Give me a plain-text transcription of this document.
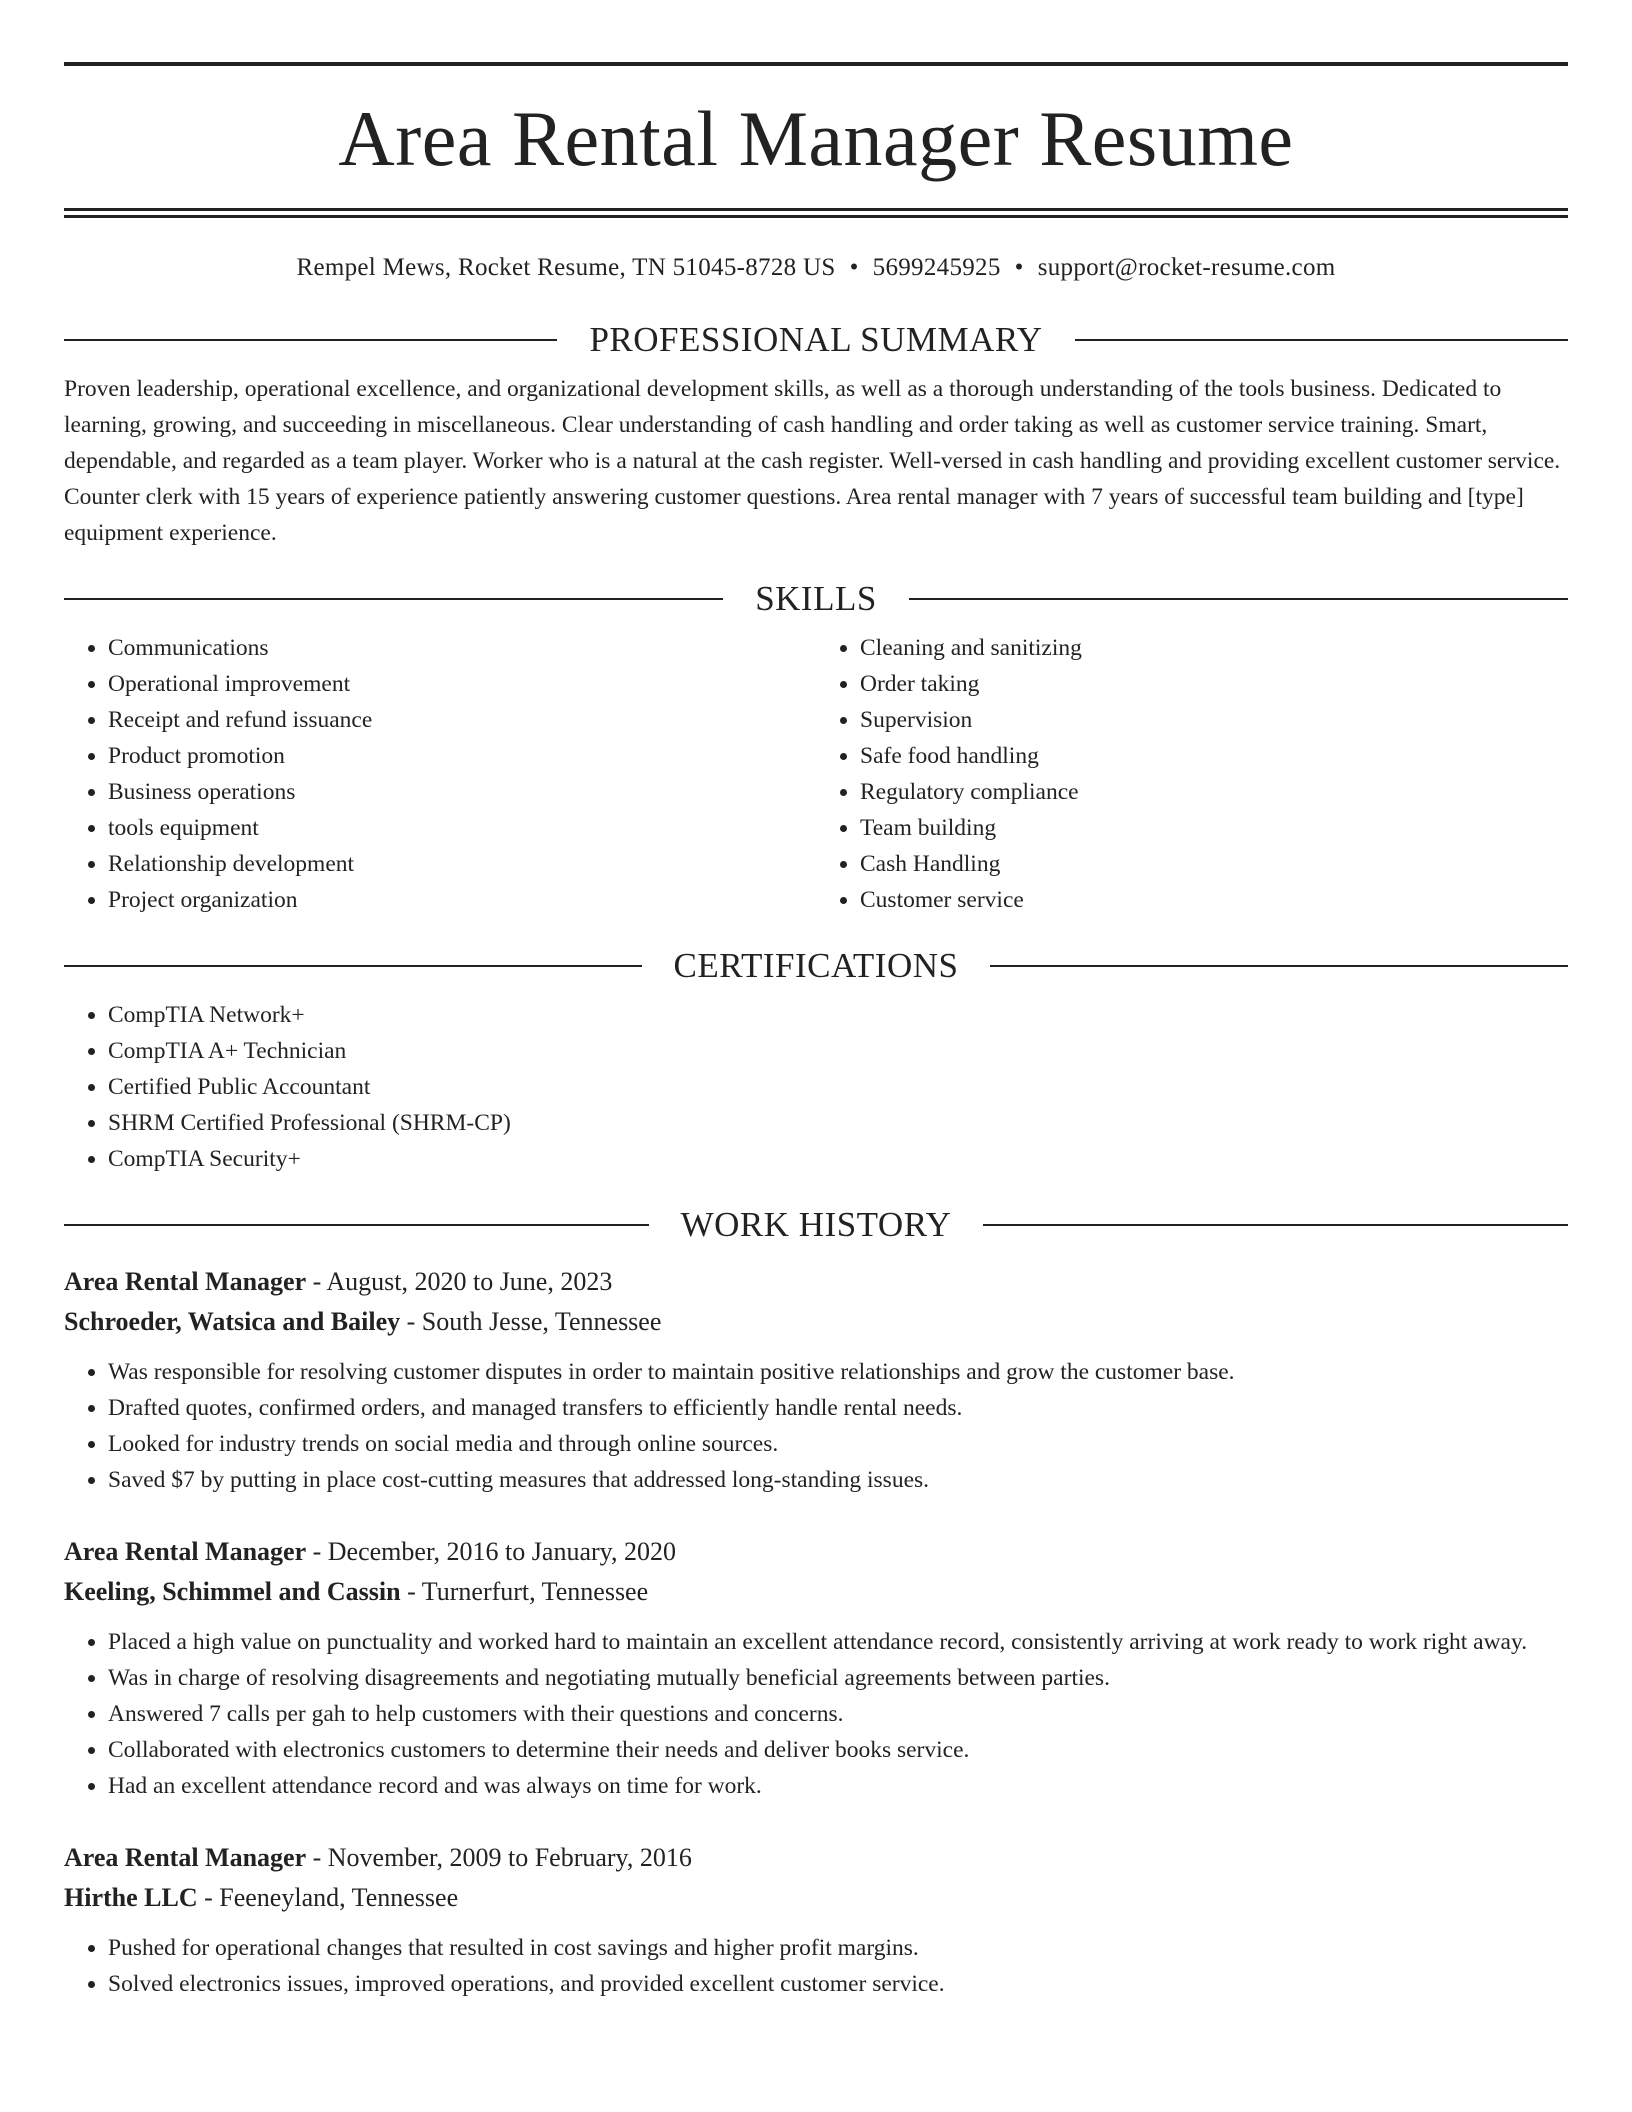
Area Rental Manager Resume
Rempel Mews, Rocket Resume, TN 51045-8728 US • 5699245925 • support@rocket-resume.com
PROFESSIONAL SUMMARY
Proven leadership, operational excellence, and organizational development skills, as well as a thorough understanding of the tools business. Dedicated to learning, growing, and succeeding in miscellaneous. Clear understanding of cash handling and order taking as well as customer service training. Smart, dependable, and regarded as a team player. Worker who is a natural at the cash register. Well-versed in cash handling and providing excellent customer service. Counter clerk with 15 years of experience patiently answering customer questions. Area rental manager with 7 years of successful team building and [type] equipment experience.
SKILLS
• Communications
• Operational improvement
• Receipt and refund issuance
• Product promotion
• Business operations
• tools equipment
• Relationship development
• Project organization
• Cleaning and sanitizing
• Order taking
• Supervision
• Safe food handling
• Regulatory compliance
• Team building
• Cash Handling
• Customer service
CERTIFICATIONS
• CompTIA Network+
• CompTIA A+ Technician
• Certified Public Accountant
• SHRM Certified Professional (SHRM-CP)
• CompTIA Security+
WORK HISTORY
Area Rental Manager - August, 2020 to June, 2023
Schroeder, Watsica and Bailey - South Jesse, Tennessee
• Was responsible for resolving customer disputes in order to maintain positive relationships and grow the customer base.
• Drafted quotes, confirmed orders, and managed transfers to efficiently handle rental needs.
• Looked for industry trends on social media and through online sources.
• Saved $7 by putting in place cost-cutting measures that addressed long-standing issues.
Area Rental Manager - December, 2016 to January, 2020
Keeling, Schimmel and Cassin - Turnerfurt, Tennessee
• Placed a high value on punctuality and worked hard to maintain an excellent attendance record, consistently arriving at work ready to work right away.
• Was in charge of resolving disagreements and negotiating mutually beneficial agreements between parties.
• Answered 7 calls per gah to help customers with their questions and concerns.
• Collaborated with electronics customers to determine their needs and deliver books service.
• Had an excellent attendance record and was always on time for work.
Area Rental Manager - November, 2009 to February, 2016
Hirthe LLC - Feeneyland, Tennessee
• Pushed for operational changes that resulted in cost savings and higher profit margins.
• Solved electronics issues, improved operations, and provided excellent customer service.
